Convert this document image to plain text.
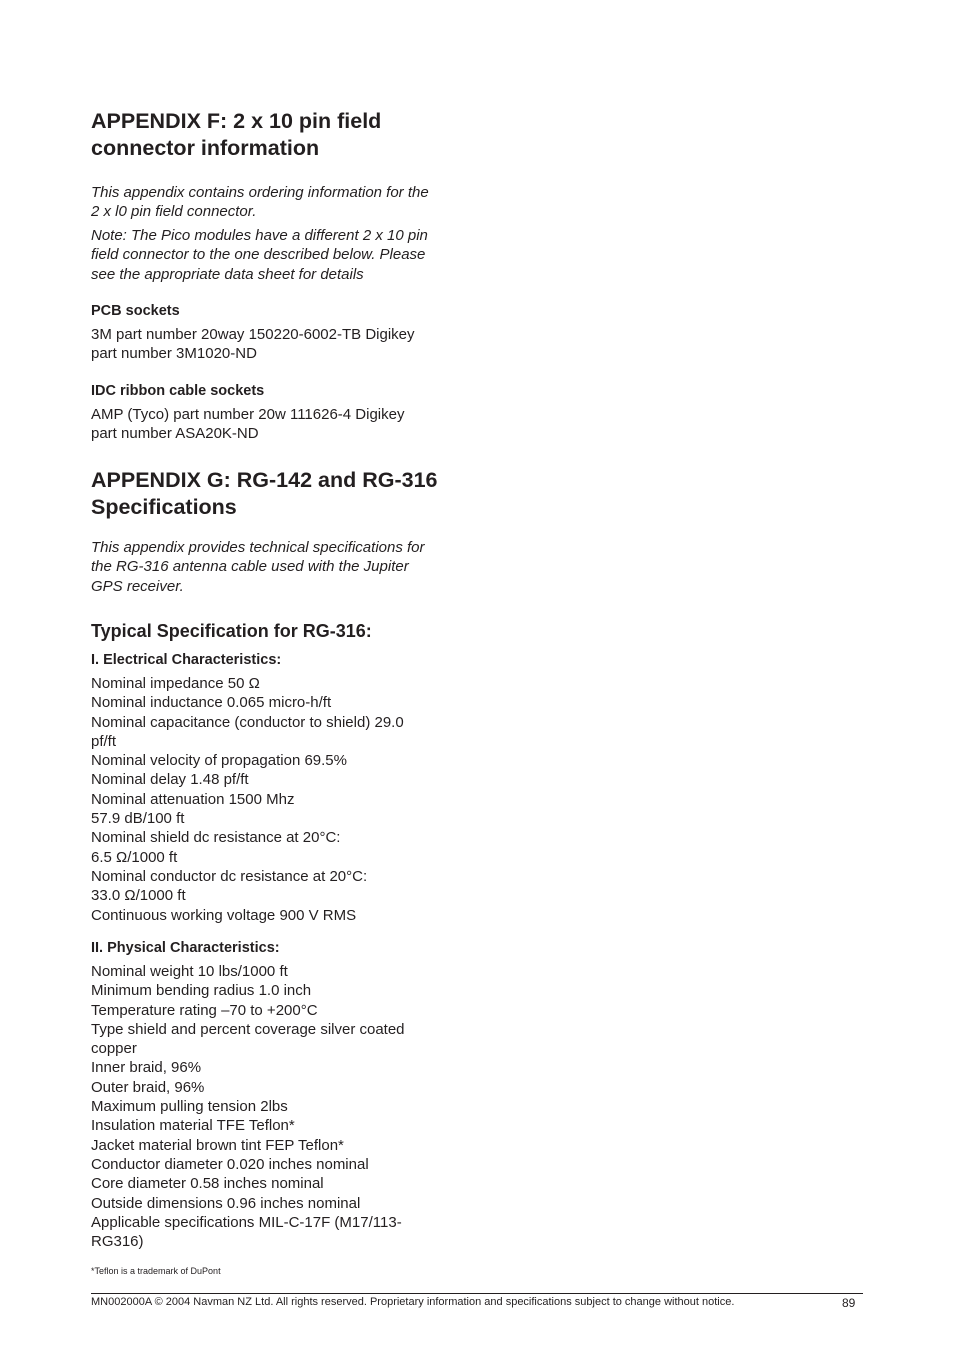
APPENDIX F: 2 x 10 pin field
connector information

This appendix contains ordering information for the
2 x l0 pin field connector.

Note: The Pico modules have a different 2 x 10 pin
field connector to the one described below. Please
see the appropriate data sheet for details

PCB sockets

3M part number 20way 150220-6002-TB Digikey
part number 3M1020-ND

IDC ribbon cable sockets

AMP (Tyco) part number 20w 111626-4 Digikey
part number ASA20K-ND

APPENDIX G: RG-142 and RG-316
Specifications

This appendix provides technical specifications for
the RG-316 antenna cable used with the Jupiter
GPS receiver.

Typical Specification for RG-316:
I. Electrical Characteristics:

Nominal impedance 50 Ω
Nominal inductance 0.065 micro-h/ft
Nominal capacitance (conductor to shield) 29.0
pf/ft
Nominal velocity of propagation 69.5%
Nominal delay 1.48 pf/ft
Nominal attenuation 1500 Mhz
57.9 dB/100 ft
Nominal shield dc resistance at 20°C:
6.5 Ω/1000 ft
Nominal conductor dc resistance at 20°C:
33.0 Ω/1000 ft
Continuous working voltage 900 V RMS

II. Physical Characteristics:

Nominal weight 10 lbs/1000 ft
Minimum bending radius 1.0 inch
Temperature rating –70 to +200°C
Type shield and percent coverage silver coated
copper
Inner braid, 96%
Outer braid, 96%
Maximum pulling tension 2lbs
Insulation material TFE Teflon*
Jacket material brown tint FEP Teflon*
Conductor diameter 0.020 inches nominal
Core diameter 0.58 inches nominal
Outside dimensions 0.96 inches nominal
Applicable specifications MIL-C-17F (M17/113-
RG316)

*Teflon is a trademark of DuPont
MN002000A © 2004 Navman NZ Ltd. All rights reserved. Proprietary information and specifications subject to change without notice.	89
